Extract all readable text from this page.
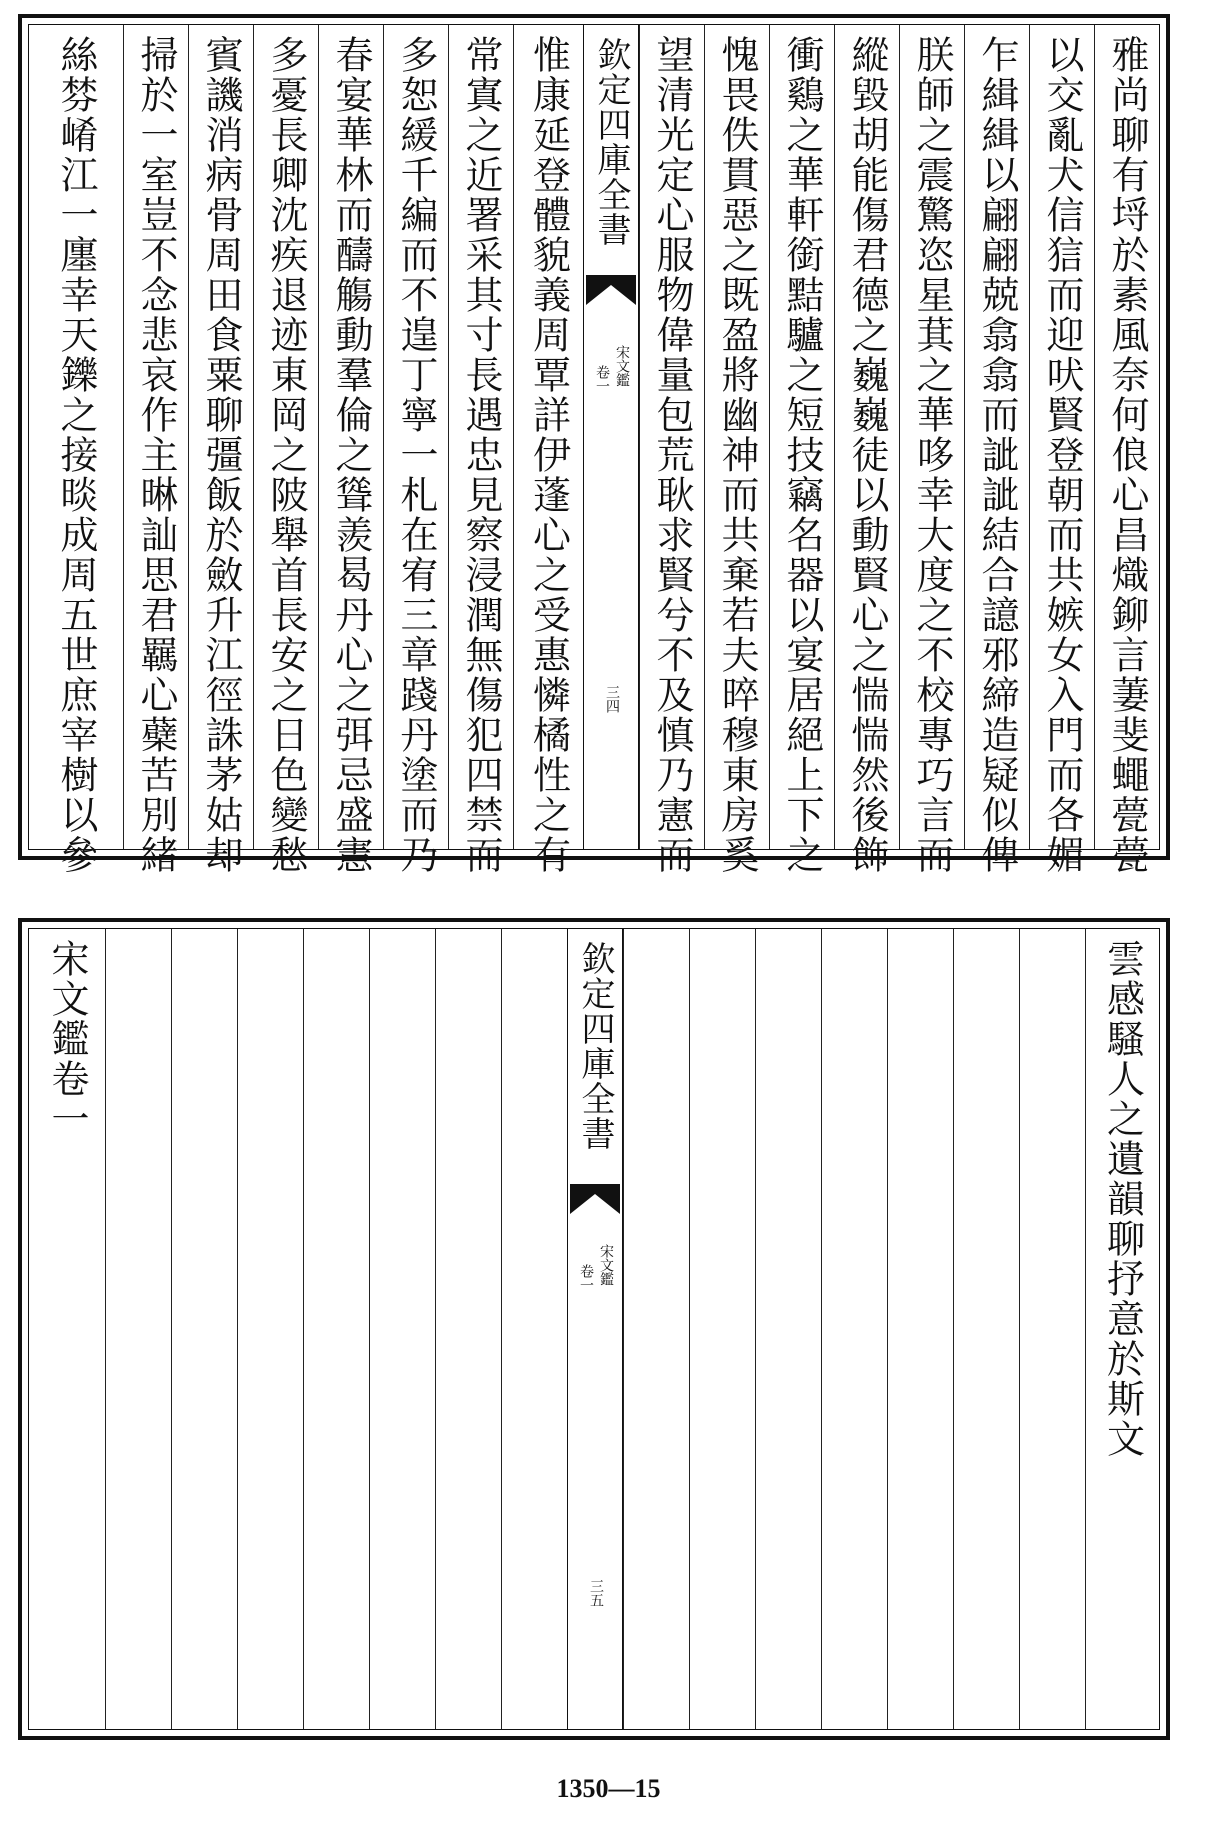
雅尚聊有埒於素風奈何俍心昌熾鉚言萋斐蠅甍甍
以交亂犬信狺而迎吠賢登朝而共嫉女入門而各媚
乍緝緝以翩翩兢翕翕而訿訿結合譩邪締造疑似俾
朕師之震驚恣星萁之華哆幸大度之不校專巧言而
縱毀胡能傷君德之巍巍徒以動賢心之惴惴然後飾
衝鷄之華軒銜黠驢之短技竊名器以宴居絕上下之
愧畏佚貫惡之既盈將幽神而共棄若夫晬穆東房奚
望清光定心服物偉量包荒耿求賢兮不及慎乃憲而
欽定四庫全書
宋文鑑
卷一
三四
惟康延登體貌義周覃詳伊蓬心之受惠憐橘性之有
常寘之近署采其寸長遇忠見察浸潤無傷犯四禁而
多恕緩千編而不遑丁寧一札在宥三章踐丹塗而乃
春宴華林而醻觴動羣倫之聳羨曷丹心之弭忌盛憲
多憂長卿沈疾退迹東岡之陂舉首長安之日色變愁
賓譏消病骨周田食粟聊彊飯於斂升江徑誅茅姑却
掃於一室豈不念悲哀作主晽訕思君羈心蘗苦別緒
絲棼崤江一廛幸天鑠之接晱成周五世庶宰樹以參
雲感騷人之遺韻聊抒意於斯文
欽定四庫全書
宋文鑑
卷一
三五
宋文鑑卷一
1350—15
